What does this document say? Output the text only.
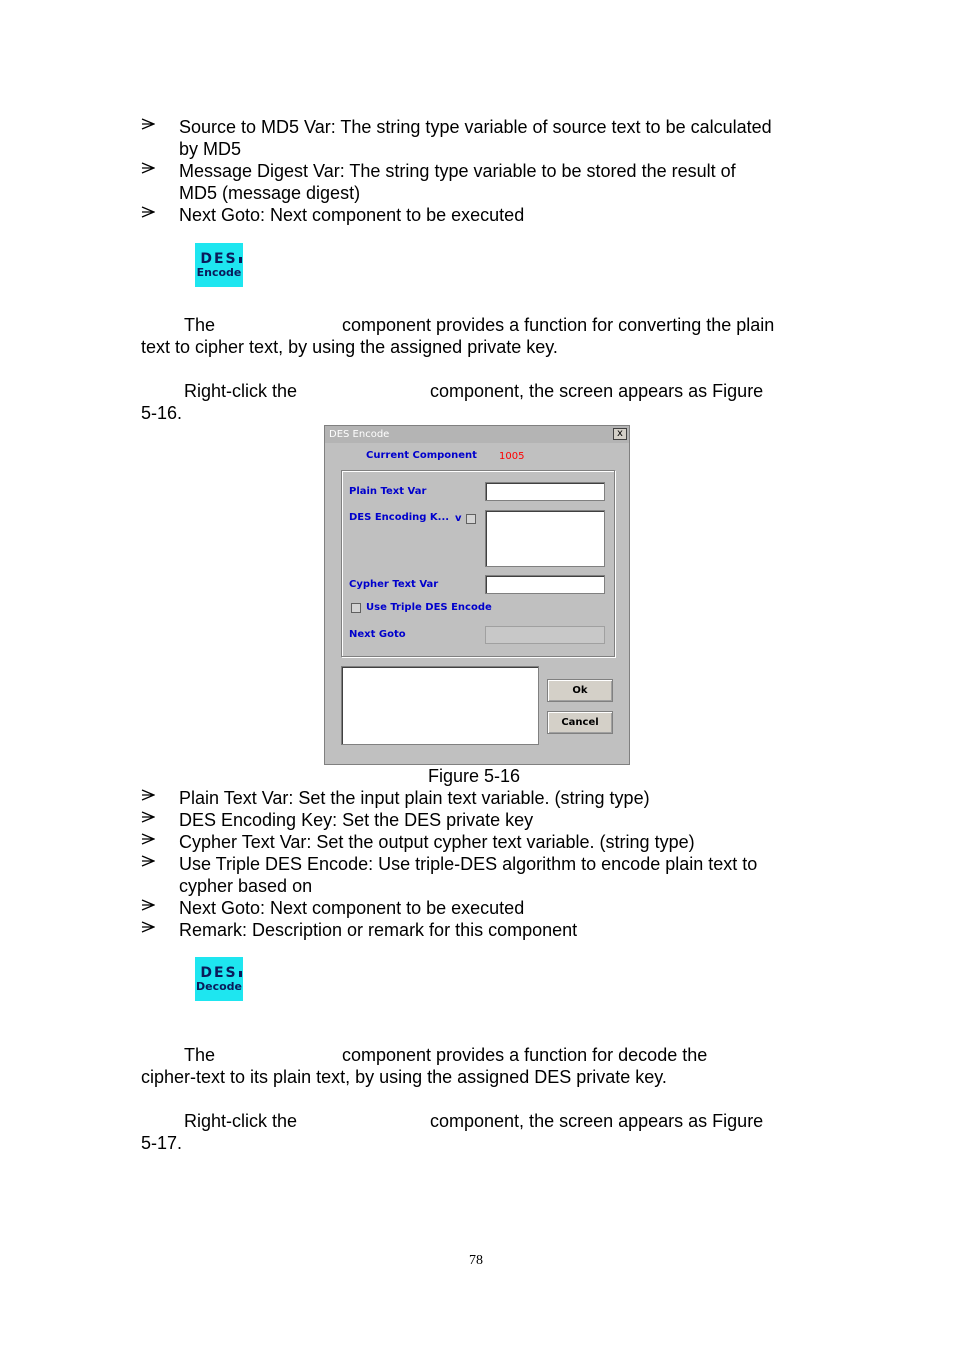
Source to MD5 Var: The string type variable of source text to be calculated
by MD5
Message Digest Var: The string type variable to be stored the result of
MD5 (message digest)
Next Goto: Next component to be executed
DES
Encode
The	component provides a function for converting the plain
text to cipher text, by using the assigned private key.
Right-click the	component, the screen appears as Figure
5-16.
DES Encode	x
Current Component 1005
Plain Text Var
DES Encoding K... v
Cypher Text Var
Use Triple DES Encode
Next Goto
Ok
Cancel
Figure 5-16
Plain Text Var: Set the input plain text variable. (string type)
DES Encoding Key: Set the DES private key
Cypher Text Var: Set the output cypher text variable. (string type)
Use Triple DES Encode: Use triple-DES algorithm to encode plain text to
cypher based on
Next Goto: Next component to be executed
Remark: Description or remark for this component
DES
Decode
The	component provides a function for decode the
cipher-text to its plain text, by using the assigned DES private key.
Right-click the	component, the screen appears as Figure
5-17.
78
